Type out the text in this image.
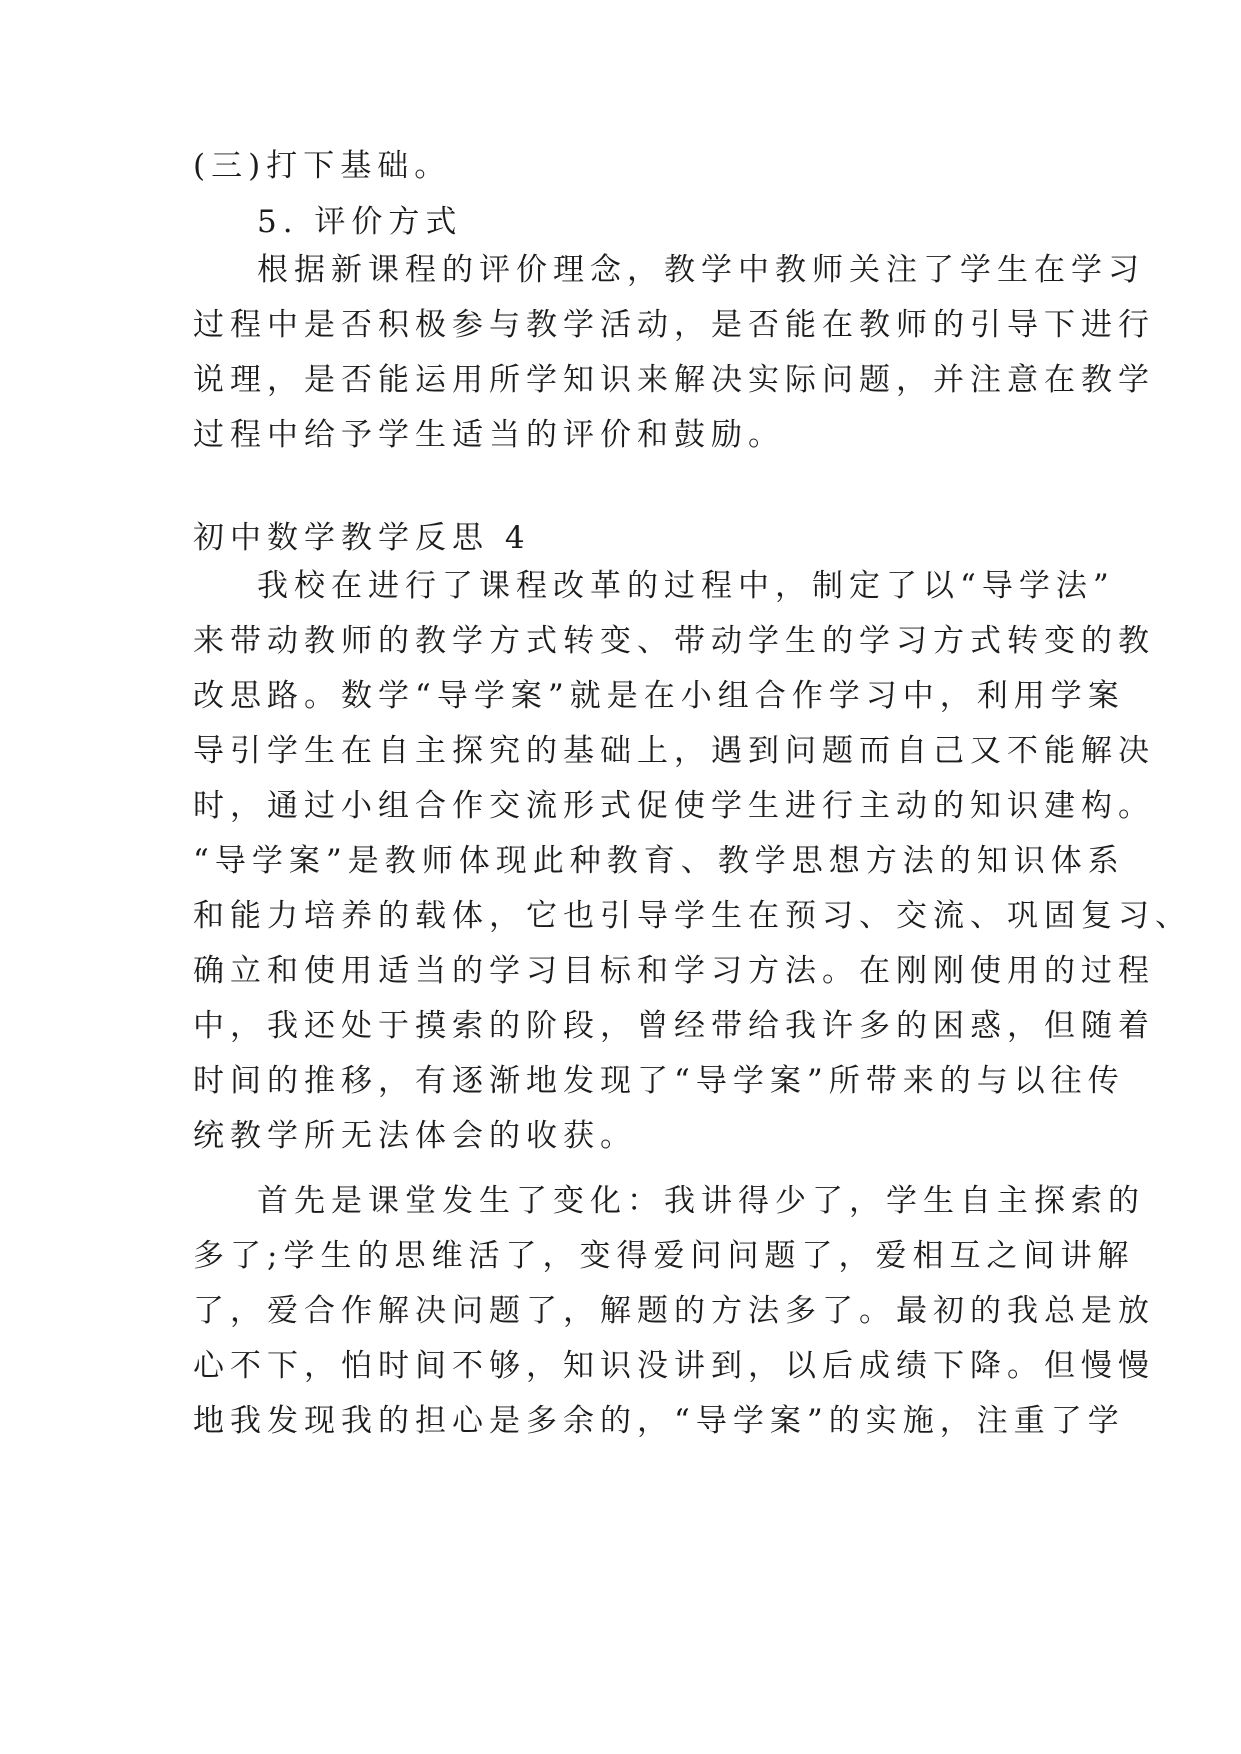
(三)打下基础。
5. 评价方式
根据新课程的评价理念，教学中教师关注了学生在学习
过程中是否积极参与教学活动，是否能在教师的引导下进行
说理，是否能运用所学知识来解决实际问题，并注意在教学
过程中给予学生适当的评价和鼓励。
初中数学教学反思 4
我校在进行了课程改革的过程中，制定了以“导学法”
来带动教师的教学方式转变、带动学生的学习方式转变的教
改思路。数学“导学案”就是在小组合作学习中，利用学案
导引学生在自主探究的基础上，遇到问题而自己又不能解决
时，通过小组合作交流形式促使学生进行主动的知识建构。
“导学案”是教师体现此种教育、教学思想方法的知识体系
和能力培养的载体，它也引导学生在预习、交流、巩固复习、
确立和使用适当的学习目标和学习方法。在刚刚使用的过程
中，我还处于摸索的阶段，曾经带给我许多的困惑，但随着
时间的推移，有逐渐地发现了“导学案”所带来的与以往传
统教学所无法体会的收获。
首先是课堂发生了变化：我讲得少了，学生自主探索的
多了;学生的思维活了，变得爱问问题了，爱相互之间讲解
了，爱合作解决问题了，解题的方法多了。最初的我总是放
心不下，怕时间不够，知识没讲到，以后成绩下降。但慢慢
地我发现我的担心是多余的，“导学案”的实施，注重了学
